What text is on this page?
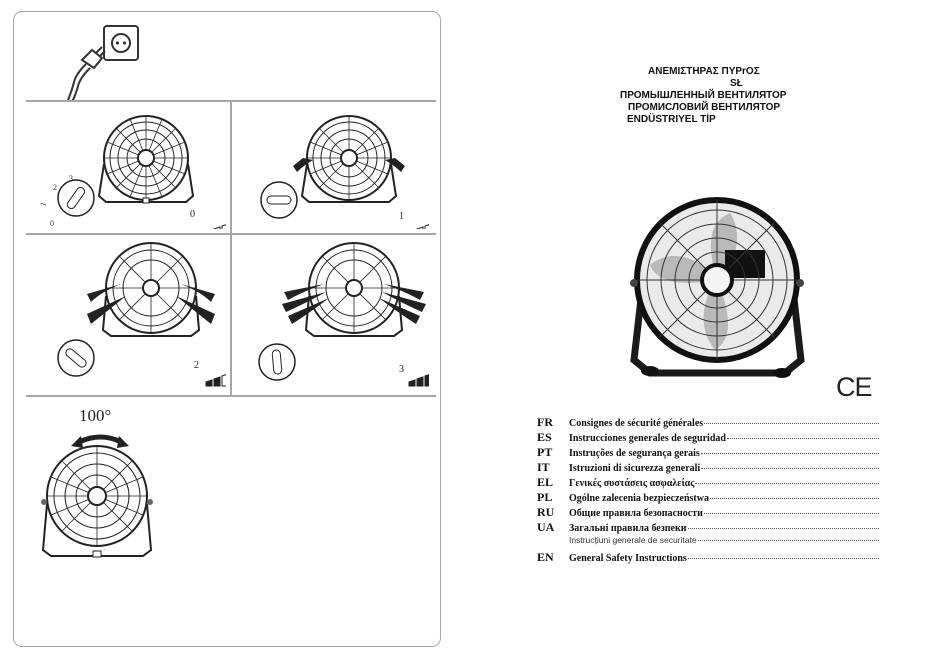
0
1
2
3
0	1
2	3
100°
ΑΝΕΜΙΣΤΗΡΑΣ ΠΥΡrΟΣ
SŁ
ПРОМЫШЛЕННЫЙ ВЕНТИЛЯТОР
ПРОМИСЛОВИЙ ВЕНТИЛЯТОР
ENDÜSTRIYEL TİP
CE
FR	Consignes de sécurité générales
ES	Instrucciones generales de seguridad
PT	Instruções de segurança gerais
IT	Istruzioni di sicurezza generali
EL	Γενικές συστάσεις ασφαλείας
PL	Ogólne zalecenia bezpieczeństwa
RU	Общие правила безопасности
UA	Загальні правила безпеки
Instrucțiuni generale de securitate
EN	General Safety Instructions
